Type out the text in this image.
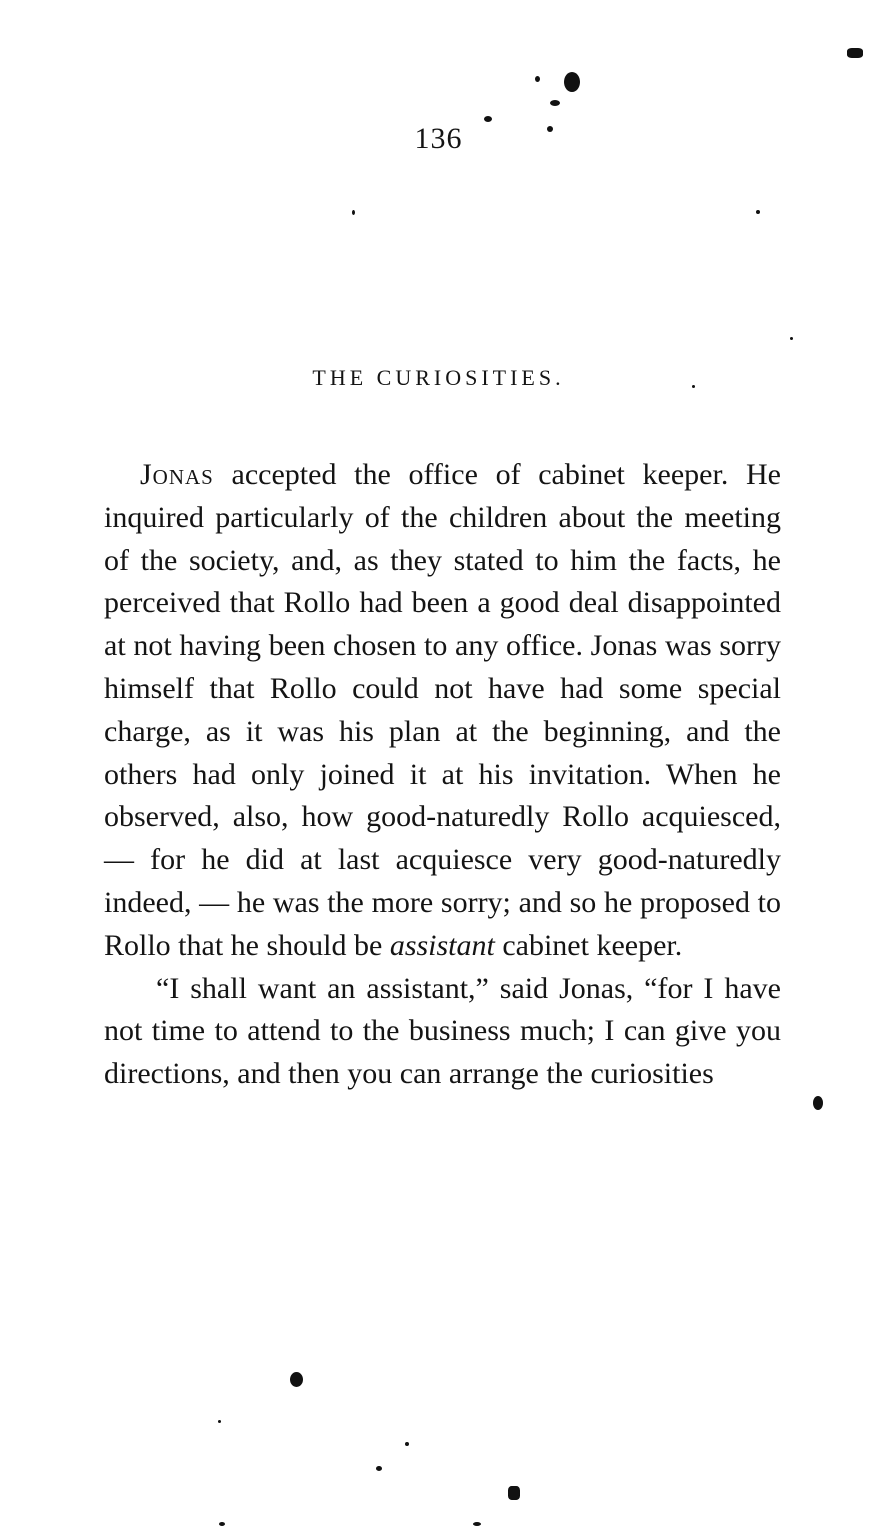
136
THE CURIOSITIES.

Jonas accepted the office of cabinet keeper. He inquired particularly of the children about the meeting of the society, and, as they stated to him the facts, he perceived that Rollo had been a good deal disappointed at not having been chosen to any office. Jonas was sorry himself that Rollo could not have had some special charge, as it was his plan at the beginning, and the others had only joined it at his invitation. When he observed, also, how good-naturedly Rollo acquiesced, — for he did at last acquiesce very good-naturedly indeed, — he was the more sorry; and so he proposed to Rollo that he should be assistant cabinet keeper.

“I shall want an assistant,” said Jonas, “for I have not time to attend to the business much; I can give you directions, and then you can arrange the curiosities
